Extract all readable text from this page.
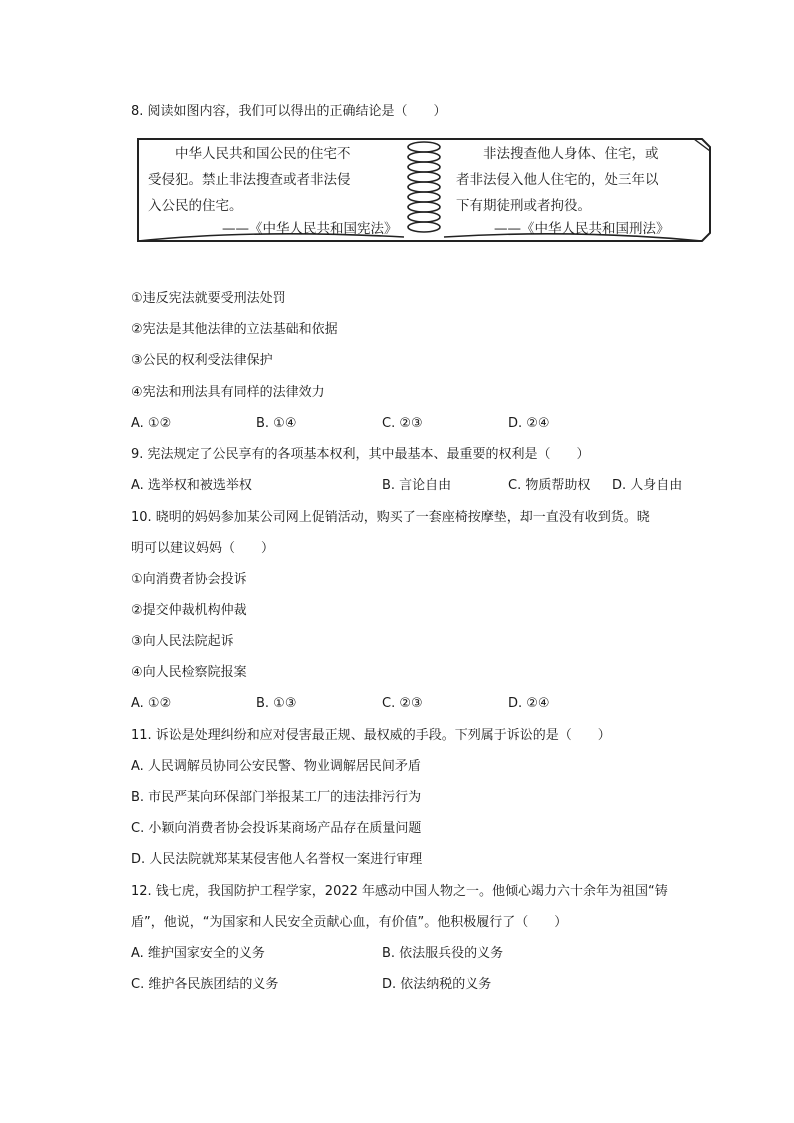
8. 阅读如图内容，我们可以得出的正确结论是（　　）
　　中华人民共和国公民的住宅不
受侵犯。禁止非法搜查或者非法侵
入公民的住宅。
——《中华人民共和国宪法》
　　非法搜查他人身体、住宅，或
者非法侵入他人住宅的，处三年以
下有期徒刑或者拘役。
——《中华人民共和国刑法》
①违反宪法就要受刑法处罚
②宪法是其他法律的立法基础和依据
③公民的权利受法律保护
④宪法和刑法具有同样的法律效力
A. ①②	B. ①④	C. ②③	D. ②④
9. 宪法规定了公民享有的各项基本权利，其中最基本、最重要的权利是（　　）
A. 选举权和被选举权	B. 言论自由	C. 物质帮助权 D. 人身自由
10. 晓明的妈妈参加某公司网上促销活动，购买了一套座椅按摩垫，却一直没有收到货。晓
明可以建议妈妈（　　）
①向消费者协会投诉
②提交仲裁机构仲裁
③向人民法院起诉
④向人民检察院报案
A. ①②	B. ①③	C. ②③	D. ②④
11. 诉讼是处理纠纷和应对侵害最正规、最权威的手段。下列属于诉讼的是（　　）
A. 人民调解员协同公安民警、物业调解居民间矛盾
B. 市民严某向环保部门举报某工厂的违法排污行为
C. 小颖向消费者协会投诉某商场产品存在质量问题
D. 人民法院就郑某某侵害他人名誉权一案进行审理
12. 钱七虎，我国防护工程学家，2022 年感动中国人物之一。他倾心竭力六十余年为祖国“铸
盾”，他说，“为国家和人民安全贡献心血，有价值”。他积极履行了（　　）
A. 维护国家安全的义务	B. 依法服兵役的义务
C. 维护各民族团结的义务	D. 依法纳税的义务
